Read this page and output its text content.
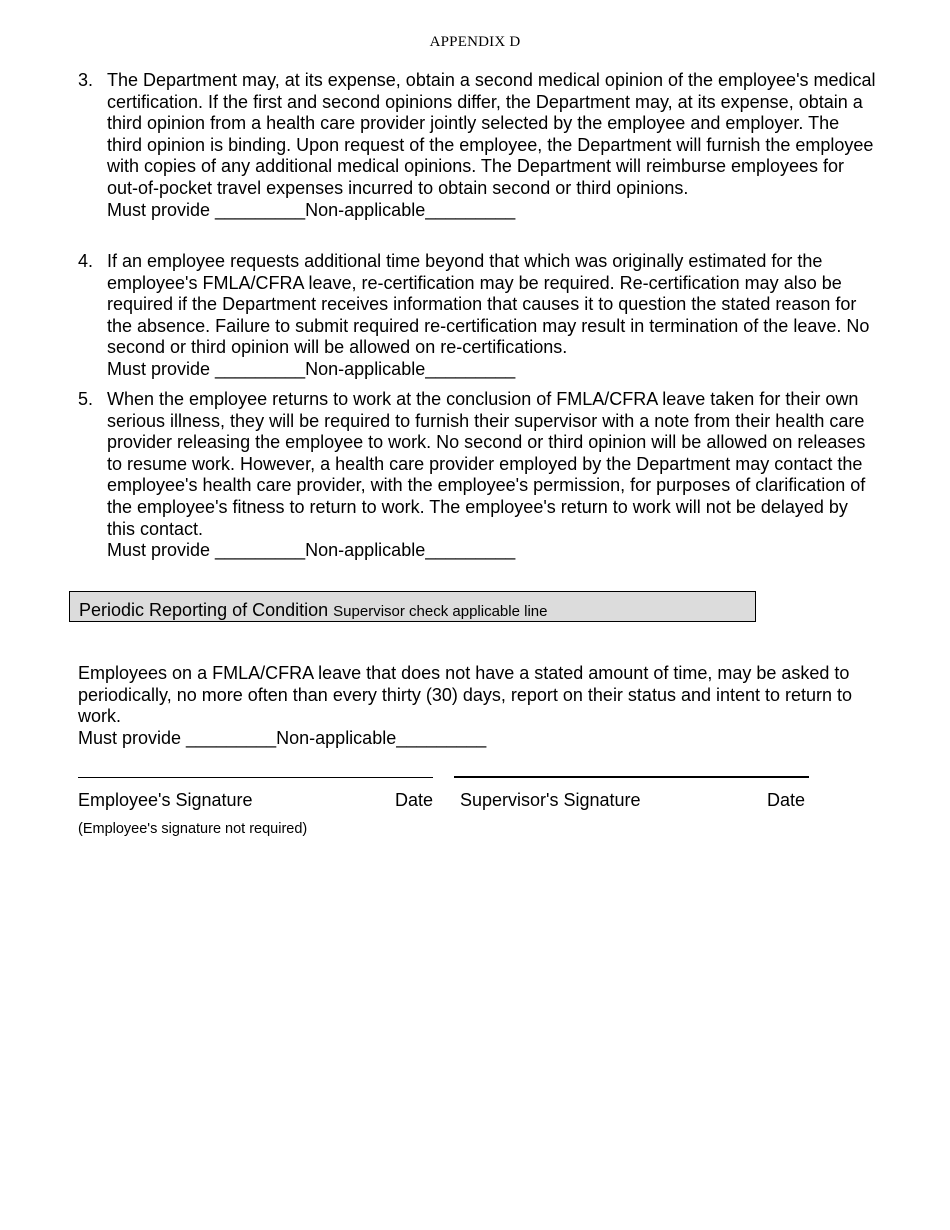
APPENDIX D
3. The Department may, at its expense, obtain a second medical opinion of the employee's medical certification. If the first and second opinions differ, the Department may, at its expense, obtain a third opinion from a health care provider jointly selected by the employee and employer. The third opinion is binding. Upon request of the employee, the Department will furnish the employee with copies of any additional medical opinions. The Department will reimburse employees for out-of-pocket travel expenses incurred to obtain second or third opinions.
Must provide _________Non-applicable_________
4. If an employee requests additional time beyond that which was originally estimated for the employee's FMLA/CFRA leave, re-certification may be required. Re-certification may also be required if the Department receives information that causes it to question the stated reason for the absence. Failure to submit required re-certification may result in termination of the leave. No second or third opinion will be allowed on re-certifications.
Must provide _________Non-applicable_________
5. When the employee returns to work at the conclusion of FMLA/CFRA leave taken for their own serious illness, they will be required to furnish their supervisor with a note from their health care provider releasing the employee to work. No second or third opinion will be allowed on releases to resume work. However, a health care provider employed by the Department may contact the employee's health care provider, with the employee's permission, for purposes of clarification of the employee's fitness to return to work. The employee's return to work will not be delayed by this contact.
Must provide _________Non-applicable_________
Periodic Reporting of Condition Supervisor check applicable line
Employees on a FMLA/CFRA leave that does not have a stated amount of time, may be asked to periodically, no more often than every thirty (30) days, report on their status and intent to return to work.
Must provide _________Non-applicable_________
Employee's Signature	Date Supervisor's Signature	Date
(Employee's signature not required)
